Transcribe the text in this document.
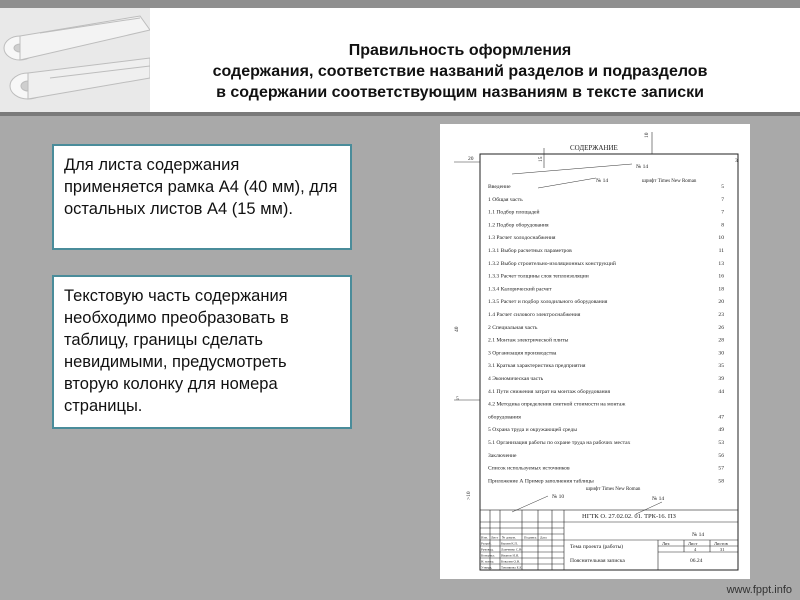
Правильность оформления
содержания, соответствие названий разделов и подразделов
в содержании соответствующим названиям в тексте записки
Для листа содержания применяется рамка А4 (40 мм), для остальных листов А4 (15 мм).
Текстовую часть содержания необходимо преобразовать в таблицу, границы сделать невидимыми, предусмотреть вторую колонку для номера страницы.
20
10
15	3
40
5
>10
СОДЕРЖАНИЕ
№ 14
шрифт Times New Roman
№ 14
Введение	5
1 Общая часть	7
1.1 Подбор площадей	7
1.2 Подбор оборудования	8
1.3 Расчет холодоснабжения	10
1.3.1 Выбор расчетных параметров	11
1.3.2 Выбор строительно-изоляционных конструкций	13
1.3.3 Расчет толщины слоя теплоизоляции	16
1.3.4 Калорический расчет	18
1.3.5 Расчет и подбор холодильного оборудования	20
1.4 Расчет силового электроснабжения	23
2 Специальная часть	26
2.1 Монтаж электрической плиты	28
3 Организация производства	30
3.1 Краткая характеристика предприятия	35
4 Экономическая часть	39
4.1 Пути снижения затрат на монтаж оборудования	44
4.2 Методика определения сметной стоимости на монтаж
оборудования	47
5 Охрана труда и окружающей среды	49
5.1 Организация работы по охране труда на рабочих местах	53
Заключение	56
Список используемых источников	57
Приложение А Пример заполнения таблицы	58
шрифт Times New Roman
№ 10	№ 14
НГТК О. 27.02.02. 01. ТРК-16. ПЗ
Тема проекта (работы)
Пояснительная записка
Лит.	Лист	Листов
4	31
06.24
№ 14
Изм. Лист № докум. Подпись Дата
Разраб.	Быхин К.П.
Руковод. Ламченко С.В.
Консульт. Иванов И.И.
Н. контр. Ковалев О.В.
Утверд.	Теплякова Е.Е.
www.fppt.info
